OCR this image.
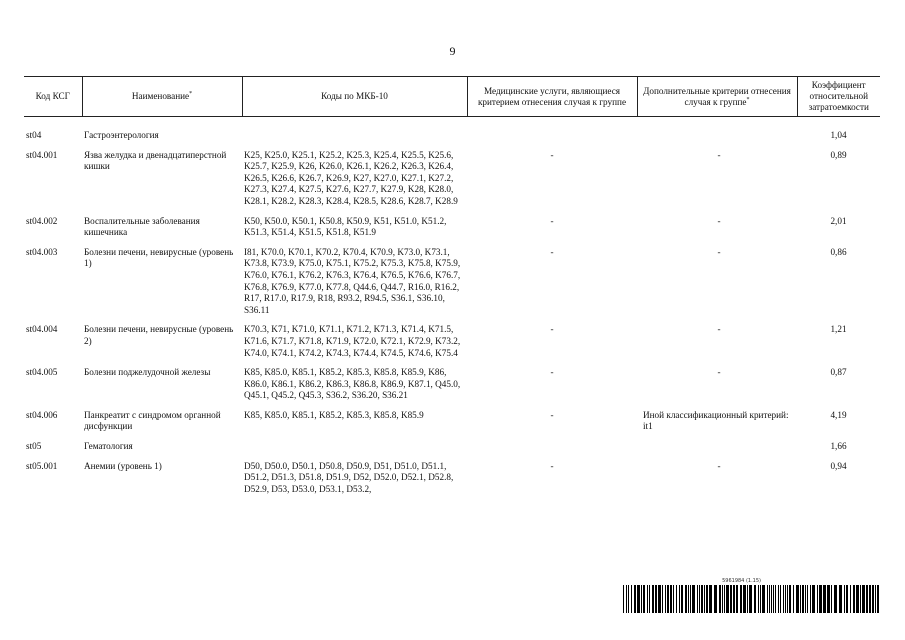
9
Код КСГ	Наименование*	Коды по МКБ-10	Медицинские услуги, являющиеся критерием отнесения случая к группе	Дополнительные критерии отнесения случая к группе*	Коэффициент относительной затратоемкости

st04	Гастроэнтерология				1,04
st04.001	Язва желудка и двенадцатиперстной кишки	K25, K25.0, K25.1, K25.2, K25.3, K25.4, K25.5, K25.6, K25.7, K25.9, K26, K26.0, K26.1, K26.2, K26.3, K26.4, K26.5, K26.6, K26.7, K26.9, K27, K27.0, K27.1, K27.2, K27.3, K27.4, K27.5, K27.6, K27.7, K27.9, K28, K28.0, K28.1, K28.2, K28.3, K28.4, K28.5, K28.6, K28.7, K28.9	-	-	0,89
st04.002	Воспалительные заболевания кишечника	K50, K50.0, K50.1, K50.8, K50.9, K51, K51.0, K51.2, K51.3, K51.4, K51.5, K51.8, K51.9	-	-	2,01
st04.003	Болезни печени, невирусные (уровень 1)	I81, K70.0, K70.1, K70.2, K70.4, K70.9, K73.0, K73.1, K73.8, K73.9, K75.0, K75.1, K75.2, K75.3, K75.8, K75.9, K76.0, K76.1, K76.2, K76.3, K76.4, K76.5, K76.6, K76.7, K76.8, K76.9, K77.0, K77.8, Q44.6, Q44.7, R16.0, R16.2, R17, R17.0, R17.9, R18, R93.2, R94.5, S36.1, S36.10, S36.11	-	-	0,86
st04.004	Болезни печени, невирусные (уровень 2)	K70.3, K71, K71.0, K71.1, K71.2, K71.3, K71.4, K71.5, K71.6, K71.7, K71.8, K71.9, K72.0, K72.1, K72.9, K73.2, K74.0, K74.1, K74.2, K74.3, K74.4, K74.5, K74.6, K75.4	-	-	1,21
st04.005	Болезни поджелудочной железы	K85, K85.0, K85.1, K85.2, K85.3, K85.8, K85.9, K86, K86.0, K86.1, K86.2, K86.3, K86.8, K86.9, K87.1, Q45.0, Q45.1, Q45.2, Q45.3, S36.2, S36.20, S36.21	-	-	0,87
st04.006	Панкреатит с синдромом органной дисфункции	K85, K85.0, K85.1, K85.2, K85.3, K85.8, K85.9	-	Иной классификационный критерий: it1	4,19
st05	Гематология				1,66
st05.001	Анемии (уровень 1)	D50, D50.0, D50.1, D50.8, D50.9, D51, D51.0, D51.1, D51.2, D51.3, D51.8, D51.9, D52, D52.0, D52.1, D52.8, D52.9, D53, D53.0, D53.1, D53.2,	-	-	0,94
5961984 (1.15)
